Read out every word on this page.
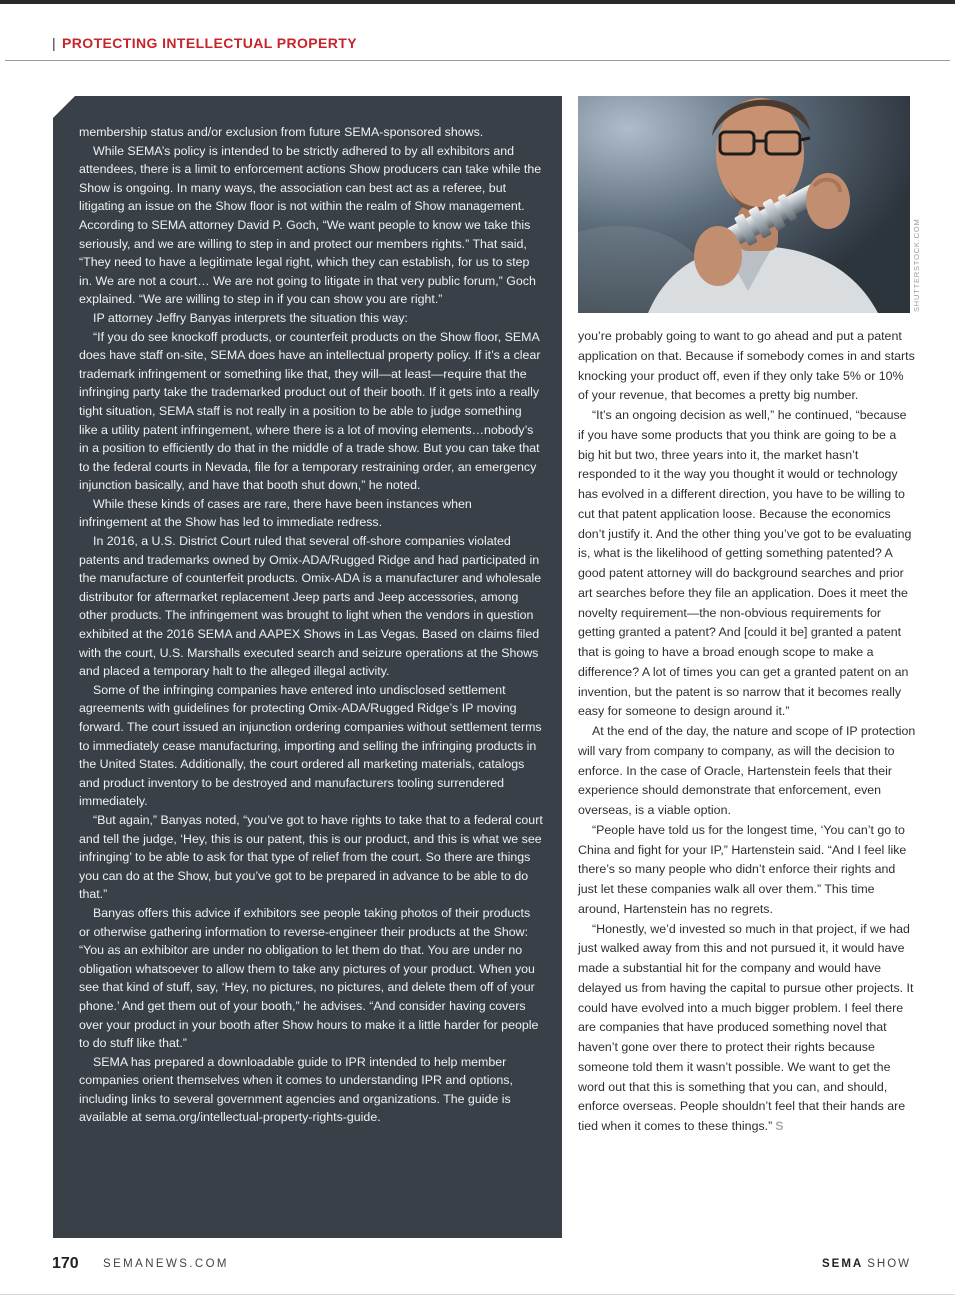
| PROTECTING INTELLECTUAL PROPERTY

membership status and/or exclusion from future SEMA-sponsored shows.

While SEMA’s policy is intended to be strictly adhered to by all exhibitors and attendees, there is a limit to enforcement actions Show producers can take while the Show is ongoing. In many ways, the association can best act as a referee, but litigating an issue on the Show floor is not within the realm of Show management. According to SEMA attorney David P. Goch, “We want people to know we take this seriously, and we are willing to step in and protect our members rights.” That said, “They need to have a legitimate legal right, which they can establish, for us to step in. We are not a court… We are not going to litigate in that very public forum,” Goch explained. “We are willing to step in if you can show you are right.”

IP attorney Jeffry Banyas interprets the situation this way:

“If you do see knockoff products, or counterfeit products on the Show floor, SEMA does have staff on-site, SEMA does have an intellectual property policy. If it’s a clear trademark infringement or something like that, they will—at least—require that the infringing party take the trademarked product out of their booth. If it gets into a really tight situation, SEMA staff is not really in a position to be able to judge something like a utility patent infringement, where there is a lot of moving elements…nobody’s in a position to efficiently do that in the middle of a trade show. But you can take that to the federal courts in Nevada, file for a temporary restraining order, an emergency injunction basically, and have that booth shut down,” he noted.

While these kinds of cases are rare, there have been instances when infringement at the Show has led to immediate redress.

In 2016, a U.S. District Court ruled that several off-shore companies violated patents and trademarks owned by Omix-ADA/Rugged Ridge and had participated in the manufacture of counterfeit products. Omix-ADA is a manufacturer and wholesale distributor for aftermarket replacement Jeep parts and Jeep accessories, among other products. The infringement was brought to light when the vendors in question exhibited at the 2016 SEMA and AAPEX Shows in Las Vegas. Based on claims filed with the court, U.S. Marshalls executed search and seizure operations at the Shows and placed a temporary halt to the alleged illegal activity.

Some of the infringing companies have entered into undisclosed settlement agreements with guidelines for protecting Omix-ADA/Rugged Ridge’s IP moving forward. The court issued an injunction ordering companies without settlement terms to immediately cease manufacturing, importing and selling the infringing products in the United States. Additionally, the court ordered all marketing materials, catalogs and product inventory to be destroyed and manufacturers tooling surrendered immediately.

“But again,” Banyas noted, “you’ve got to have rights to take that to a federal court and tell the judge, ‘Hey, this is our patent, this is our product, and this is what we see infringing’ to be able to ask for that type of relief from the court. So there are things you can do at the Show, but you’ve got to be prepared in advance to be able to do that.”

Banyas offers this advice if exhibitors see people taking photos of their products or otherwise gathering information to reverse-engineer their products at the Show: “You as an exhibitor are under no obligation to let them do that. You are under no obligation whatsoever to allow them to take any pictures of your product. When you see that kind of stuff, say, ‘Hey, no pictures, no pictures, and delete them off of your phone.’ And get them out of your booth,” he advises. “And consider having covers over your product in your booth after Show hours to make it a little harder for people to do stuff like that.”

SEMA has prepared a downloadable guide to IPR intended to help member companies orient themselves when it comes to understanding IPR and options, including links to several government agencies and organizations. The guide is available at sema.org/intellectual-property-rights-guide.

SHUTTERSTOCK.COM

you’re probably going to want to go ahead and put a patent application on that. Because if somebody comes in and starts knocking your product off, even if they only take 5% or 10% of your revenue, that becomes a pretty big number.

“It’s an ongoing decision as well,” he continued, “because if you have some products that you think are going to be a big hit but two, three years into it, the market hasn’t responded to it the way you thought it would or technology has evolved in a different direction, you have to be willing to cut that patent application loose. Because the economics don’t justify it. And the other thing you’ve got to be evaluating is, what is the likelihood of getting something patented? A good patent attorney will do background searches and prior art searches before they file an application. Does it meet the novelty requirement—the non-obvious requirements for getting granted a patent? And [could it be] granted a patent that is going to have a broad enough scope to make a difference? A lot of times you can get a granted patent on an invention, but the patent is so narrow that it becomes really easy for someone to design around it.”

At the end of the day, the nature and scope of IP protection will vary from company to company, as will the decision to enforce. In the case of Oracle, Hartenstein feels that their experience should demonstrate that enforcement, even overseas, is a viable option.

“People have told us for the longest time, ‘You can’t go to China and fight for your IP,” Hartenstein said. “And I feel like there’s so many people who didn’t enforce their rights and just let these companies walk all over them.” This time around, Hartenstein has no regrets.

“Honestly, we’d invested so much in that project, if we had just walked away from this and not pursued it, it would have made a substantial hit for the company and would have delayed us from having the capital to pursue other projects. It could have evolved into a much bigger problem. I feel there are companies that have produced something novel that haven’t gone over there to protect their rights because someone told them it wasn’t possible. We want to get the word out that this is something that you can, and should, enforce overseas. People shouldn’t feel that their hands are tied when it comes to these things.” S

170 SEMANEWS.COM	SEMA SHOW
